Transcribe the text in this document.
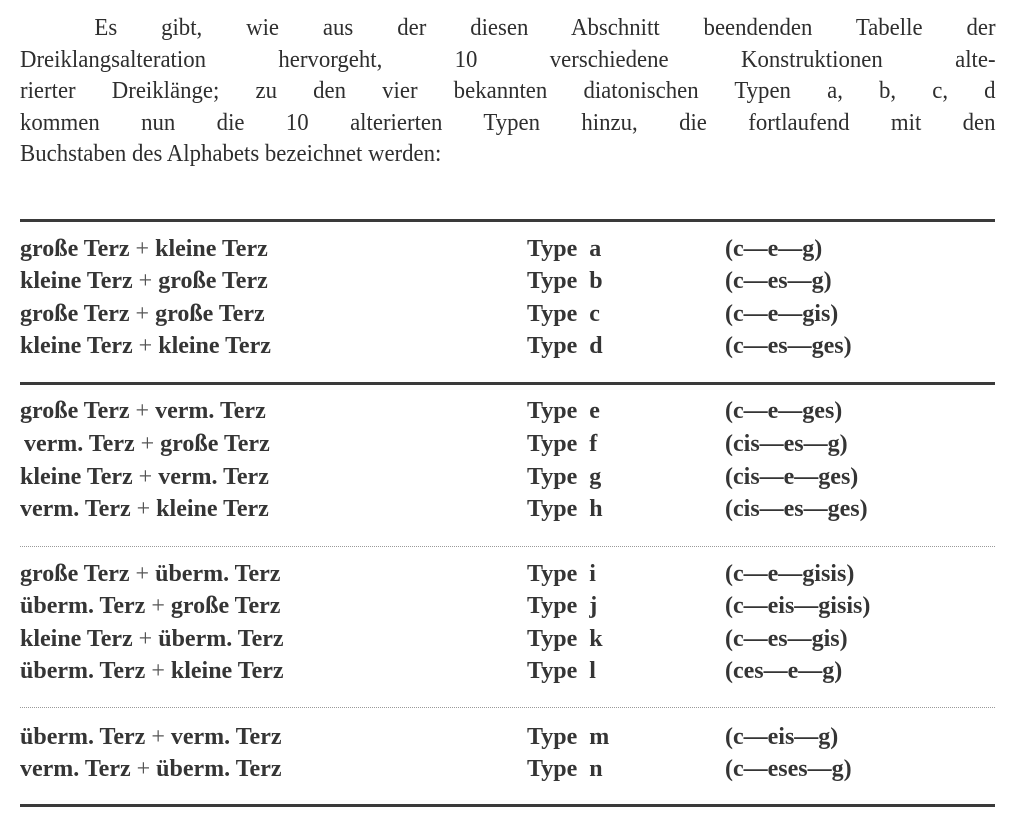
Es gibt, wie aus der diesen Abschnitt beendenden Tabelle der
Dreiklangsalteration hervorgeht, 10 verschiedene Konstruktionen alte-
rierter Dreiklänge; zu den vier bekannten diatonischen Typen a, b, c, d
kommen nun die 10 alterierten Typen hinzu, die fortlaufend mit den
Buchstaben des Alphabets bezeichnet werden:
große Terz + kleine Terz	Type  a	(c—e—g)
kleine Terz + große Terz	Type  b	(c—es—g)
große Terz + große Terz	Type  c	(c—e—gis)
kleine Terz + kleine Terz	Type  d	(c—es—ges)
große Terz + verm. Terz	Type  e	(c—e—ges)
verm. Terz + große Terz	Type  f	(cis—es—g)
kleine Terz + verm. Terz	Type  g	(cis—e—ges)
verm. Terz + kleine Terz	Type  h	(cis—es—ges)
große Terz + überm. Terz	Type  i	(c—e—gisis)
überm. Terz + große Terz	Type  j	(c—eis—gisis)
kleine Terz + überm. Terz	Type  k	(c—es—gis)
überm. Terz + kleine Terz	Type  l	(ces—e—g)
überm. Terz + verm. Terz	Type  m	(c—eis—g)
verm. Terz + überm. Terz	Type  n	(c—eses—g)
